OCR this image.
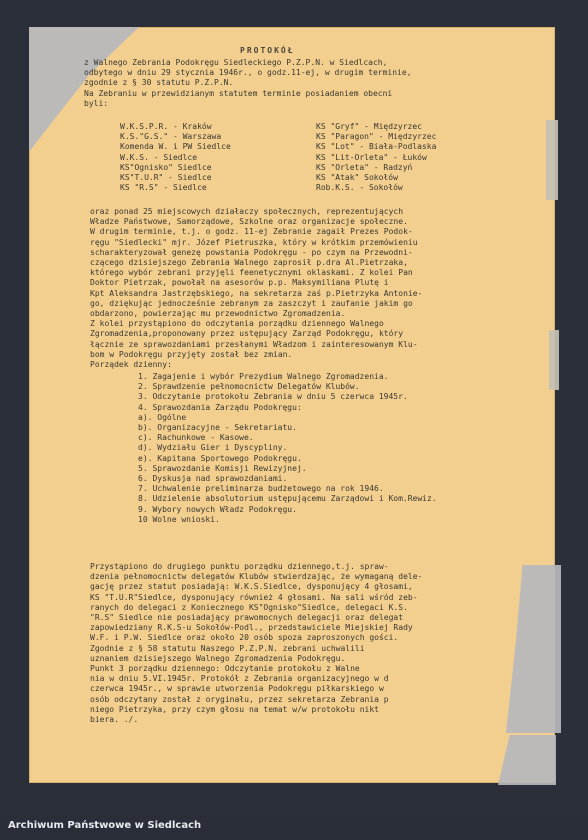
PROTOKÓŁ
z Walnego Zebrania Podokręgu Siedleckiego P.Z.P.N. w Siedlcach,
odbytego w dniu 29 stycznia 1946r., o godz.11-ej, w drugim terminie,
zgodnie z § 30 statutu P.Z.P.N.
Na Zebraniu w przewidzianym statutem terminie posiadaniem obecni
byli:
W.K.S.P.R. - Kraków
K.S."G.S." - Warszawa
Komenda W. i PW Siedlce
W.K.S. - Siedlce
KS"Ognisko" Siedlce
KS"T.U.R" - Siedlce
KS "R.S" - Siedlce
KS "Gryf" - Międzyrzec
KS "Paragon" - Międzyrzec
KS "Lot" - Biała-Podlaska
KS "Lit-Orleta" - Łuków
KS "Orleta" - Radzyń
KS "Atak" Sokołów
Rob.K.S. - Sokołów
oraz ponad 25 miejscowych działaczy społecznych, reprezentujących
Władze Państwowe, Samorządowe, Szkolne oraz organizacje społeczne.
W drugim terminie, t.j. o godz. 11-ej Zebranie zagaił Prezes Podok-
ręgu "Siedlecki" mjr. Józef Pietruszka, który w krótkim przemówieniu
scharakteryzował genezę powstania Podokręgu - po czym na Przewodni-
czącego dzisiejszego Zebrania Walnego zaprosił p.dra Al.Pietrzaka,
którego wybór zebrani przyjęli feenetycznymi oklaskami. Z kolei Pan
Doktor Pietrzak, powołał na asesorów p.p. Maksymiliana Plutę i
Kpt Aleksandra Jastrzębskiego, na sekretarza zaś p.Pietrzyka Antonie-
go, dziękując jednocześnie zebranym za zaszczyt i zaufanie jakim go
obdarzono, powierzając mu przewodnictwo Zgromadzenia.
Z kolei przystąpiono do odczytania porządku dziennego Walnego
Zgromadzenia,proponowany przez ustępujący Zarząd Podokręgu, który
łącznie ze sprawozdaniami przesłanymi Władzom i zainteresowanym Klu-
bom w Podokręgu przyjęty został bez zmian.
Porządek dzienny:
1. Zagajenie i wybór Prezydium Walnego Zgromadzenia.
2. Sprawdzenie pełnomocnictw Delegatów Klubów.
3. Odczytanie protokołu Zebrania w dniu 5 czerwca 1945r.
4. Sprawozdania Zarządu Podokręgu:
a). Ogólne
b). Organizacyjne - Sekretariatu.
c). Rachunkowe - Kasowe.
d). Wydziału Gier i Dyscypliny.
e). Kapitana Sportowego Podokręgu.
5. Sprawozdanie Komisji Rewizyjnej.
6. Dyskusja nad sprawozdaniami.
7. Uchwalenie preliminarza budżetowego na rok 1946.
8. Udzielenie absolutorium ustępującemu Zarządowi i Kom.Rewiz.
9. Wybory nowych Władz Podokręgu.
10 Wolne wnioski.
Przystąpiono do drugiego punktu porządku dziennego,t.j. spraw-
dzenia pełnomocnictw delegatów Klubów stwierdzając, że wymaganą dele-
gację przez statut posiadają: W.K.S.Siedlce, dysponujący 4 głosami,
KS "T.U.R"Siedlce, dysponujący również 4 głosami. Na sali wśród zeb-
ranych do delegaci z Koniecznego KS"Ognisko"Siedlce, delegaci K.S.
"R.S" Siedlce nie posiadający prawomocnych delegacji oraz delegat
zapowiedziany R.K.S-u Sokołów-Podl., przedstawiciele Miejskiej Rady
W.F. i P.W. Siedlce oraz około 20 osób spoza zaproszonych gości.
Zgodnie z § 58 statutu Naszego P.Z.P.N. zebrani uchwalili
uznaniem dzisiejszego Walnego Zgromadzenia Podokręgu.
Punkt 3 porządku dziennego: Odczytanie protokołu z Walne
nia w dniu 5.VI.1945r. Protokół z Zebrania organizacyjnego w d
czerwca 1945r., w sprawie utworzenia Podokręgu piłkarskiego w
osób odczytany został z oryginału, przez sekretarza Zebrania p
niego Pietrzyka, przy czym głosu na temat w/w protokołu nikt
biera. ./.
Archiwum Państwowe w Siedlcach
